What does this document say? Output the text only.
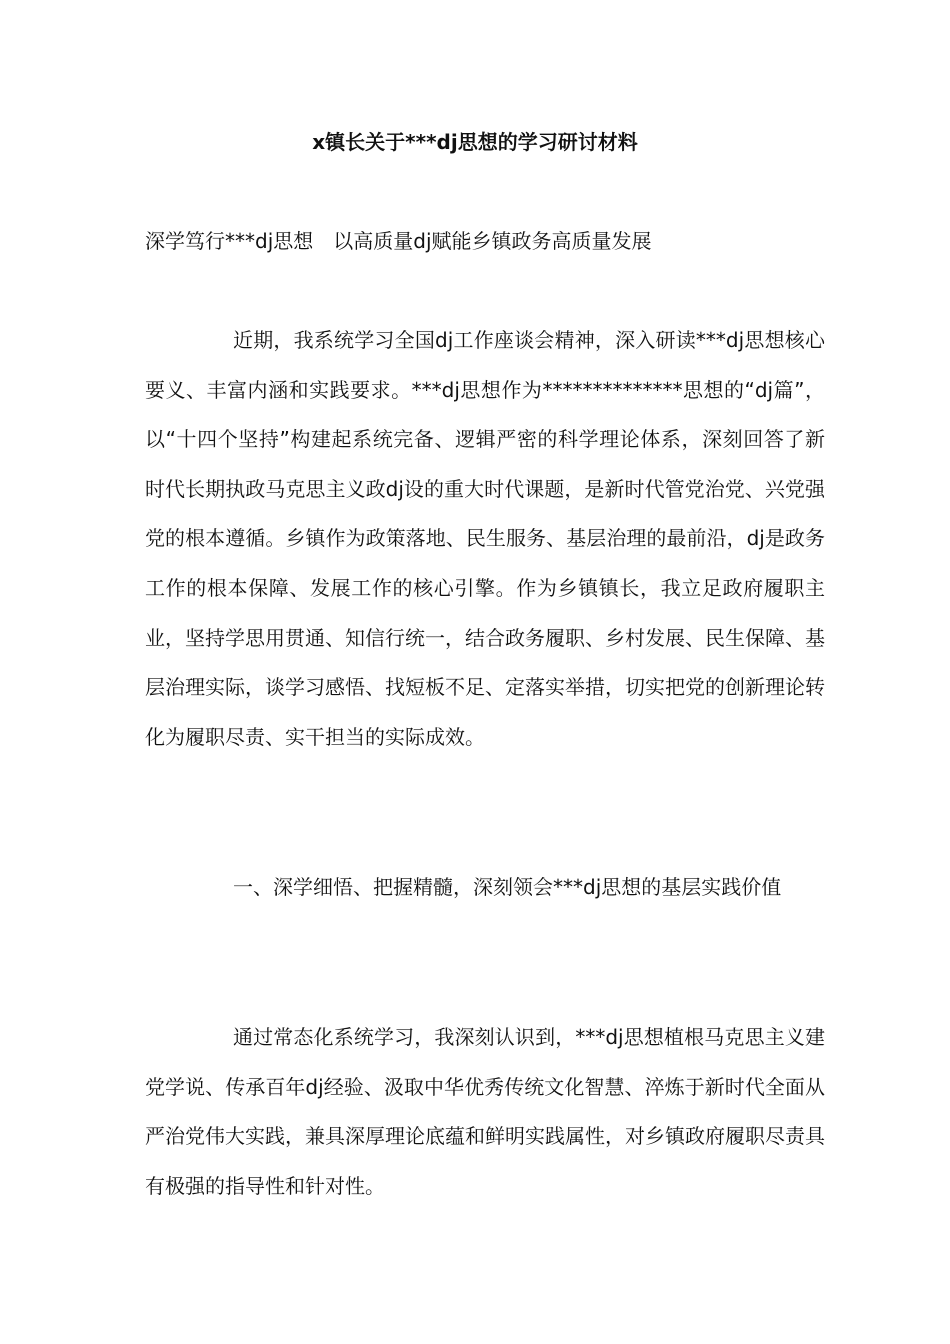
x镇长关于***dj思想的学习研讨材料
深学笃行***dj思想　以高质量dj赋能乡镇政务高质量发展

近期，我系统学习全国dj工作座谈会精神，深入研读***dj思想核心要义、丰富内涵和实践要求。***dj思想作为**************思想的“dj篇”，以“十四个坚持”构建起系统完备、逻辑严密的科学理论体系，深刻回答了新时代长期执政马克思主义政dj设的重大时代课题，是新时代管党治党、兴党强党的根本遵循。乡镇作为政策落地、民生服务、基层治理的最前沿，dj是政务工作的根本保障、发展工作的核心引擎。作为乡镇镇长，我立足政府履职主业，坚持学思用贯通、知信行统一，结合政务履职、乡村发展、民生保障、基层治理实际，谈学习感悟、找短板不足、定落实举措，切实把党的创新理论转化为履职尽责、实干担当的实际成效。

一、深学细悟、把握精髓，深刻领会***dj思想的基层实践价值

通过常态化系统学习，我深刻认识到，***dj思想植根马克思主义建党学说、传承百年dj经验、汲取中华优秀传统文化智慧、淬炼于新时代全面从严治党伟大实践，兼具深厚理论底蕴和鲜明实践属性，对乡镇政府履职尽责具有极强的指导性和针对性。
